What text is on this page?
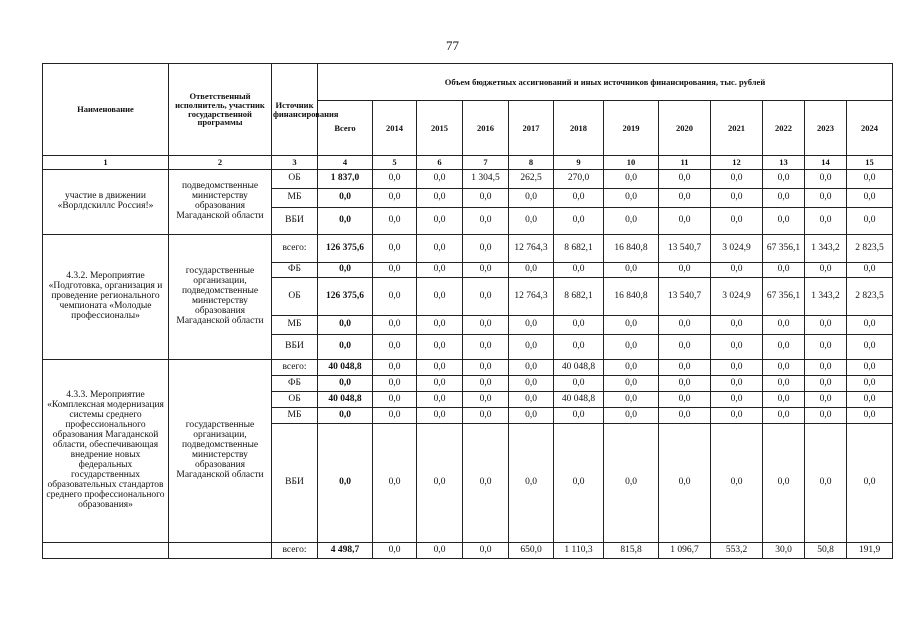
77
Наименование	Ответственный исполнитель, участник государственной программы	Источник финансирования	Объем бюджетных ассигнований и иных источников финансирования, тыс. рублей											
			Всего	2014	2015	2016	2017	2018	2019	2020	2021	2022	2023	2024
1	2	3	4	5	6	7	8	9	10	11	12	13	14	15
участие в движении «Ворлдскиллс Россия!»	подведомственные министерству образования Магаданской области	ОБ	1 837,0	0,0	0,0	1 304,5	262,5	270,0	0,0	0,0	0,0	0,0	0,0	0,0
		МБ	0,0	0,0	0,0	0,0	0,0	0,0	0,0	0,0	0,0	0,0	0,0	0,0
		ВБИ	0,0	0,0	0,0	0,0	0,0	0,0	0,0	0,0	0,0	0,0	0,0	0,0
4.3.2. Мероприятие «Подготовка, организация и проведение регионального чемпионата «Молодые профессионалы»	государственные организации, подведомственные министерству образования Магаданской области	всего:	126 375,6	0,0	0,0	0,0	12 764,3	8 682,1	16 840,8	13 540,7	3 024,9	67 356,1	1 343,2	2 823,5
		ФБ	0,0	0,0	0,0	0,0	0,0	0,0	0,0	0,0	0,0	0,0	0,0	0,0
		ОБ	126 375,6	0,0	0,0	0,0	12 764,3	8 682,1	16 840,8	13 540,7	3 024,9	67 356,1	1 343,2	2 823,5
		МБ	0,0	0,0	0,0	0,0	0,0	0,0	0,0	0,0	0,0	0,0	0,0	0,0
		ВБИ	0,0	0,0	0,0	0,0	0,0	0,0	0,0	0,0	0,0	0,0	0,0	0,0
4.3.3. Мероприятие «Комплексная модернизация системы среднего профессионального образования Магаданской области, обеспечивающая внедрение новых федеральных государственных образовательных стандартов среднего профессионального образования»	государственные организации, подведомственные министерству образования Магаданской области	всего:	40 048,8	0,0	0,0	0,0	0,0	40 048,8	0,0	0,0	0,0	0,0	0,0	0,0
		ФБ	0,0	0,0	0,0	0,0	0,0	0,0	0,0	0,0	0,0	0,0	0,0	0,0
		ОБ	40 048,8	0,0	0,0	0,0	0,0	40 048,8	0,0	0,0	0,0	0,0	0,0	0,0
		МБ	0,0	0,0	0,0	0,0	0,0	0,0	0,0	0,0	0,0	0,0	0,0	0,0
		ВБИ	0,0	0,0	0,0	0,0	0,0	0,0	0,0	0,0	0,0	0,0	0,0	0,0
		всего:	4 498,7	0,0	0,0	0,0	650,0	1 110,3	815,8	1 096,7	553,2	30,0	50,8	191,9
